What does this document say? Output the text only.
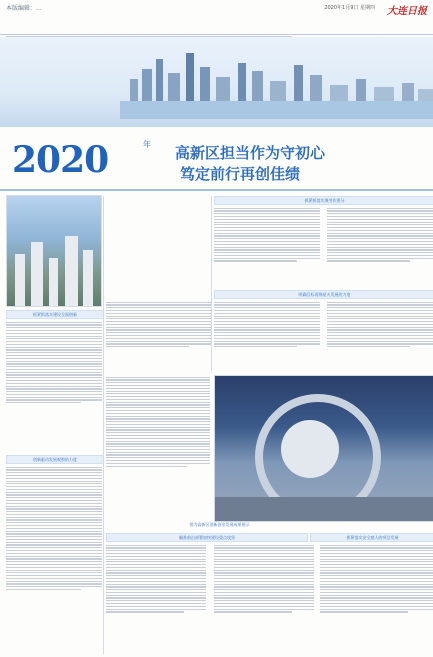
本版编辑：...	2020年1月9日 星期四 大连日报
2020	年 高新区担当作为守初心
笃定前行再创佳绩
抓紧抓落实聚劳作要分
明确目标再锦星火发展的力度
抓紧抓落实建设全面创新
图为高新区创新创业发展成果展示
创新驱动发展观察的力度
瞄准前沿部署加快建设重点攻坚	抓紧落实安全感人的项目发展
